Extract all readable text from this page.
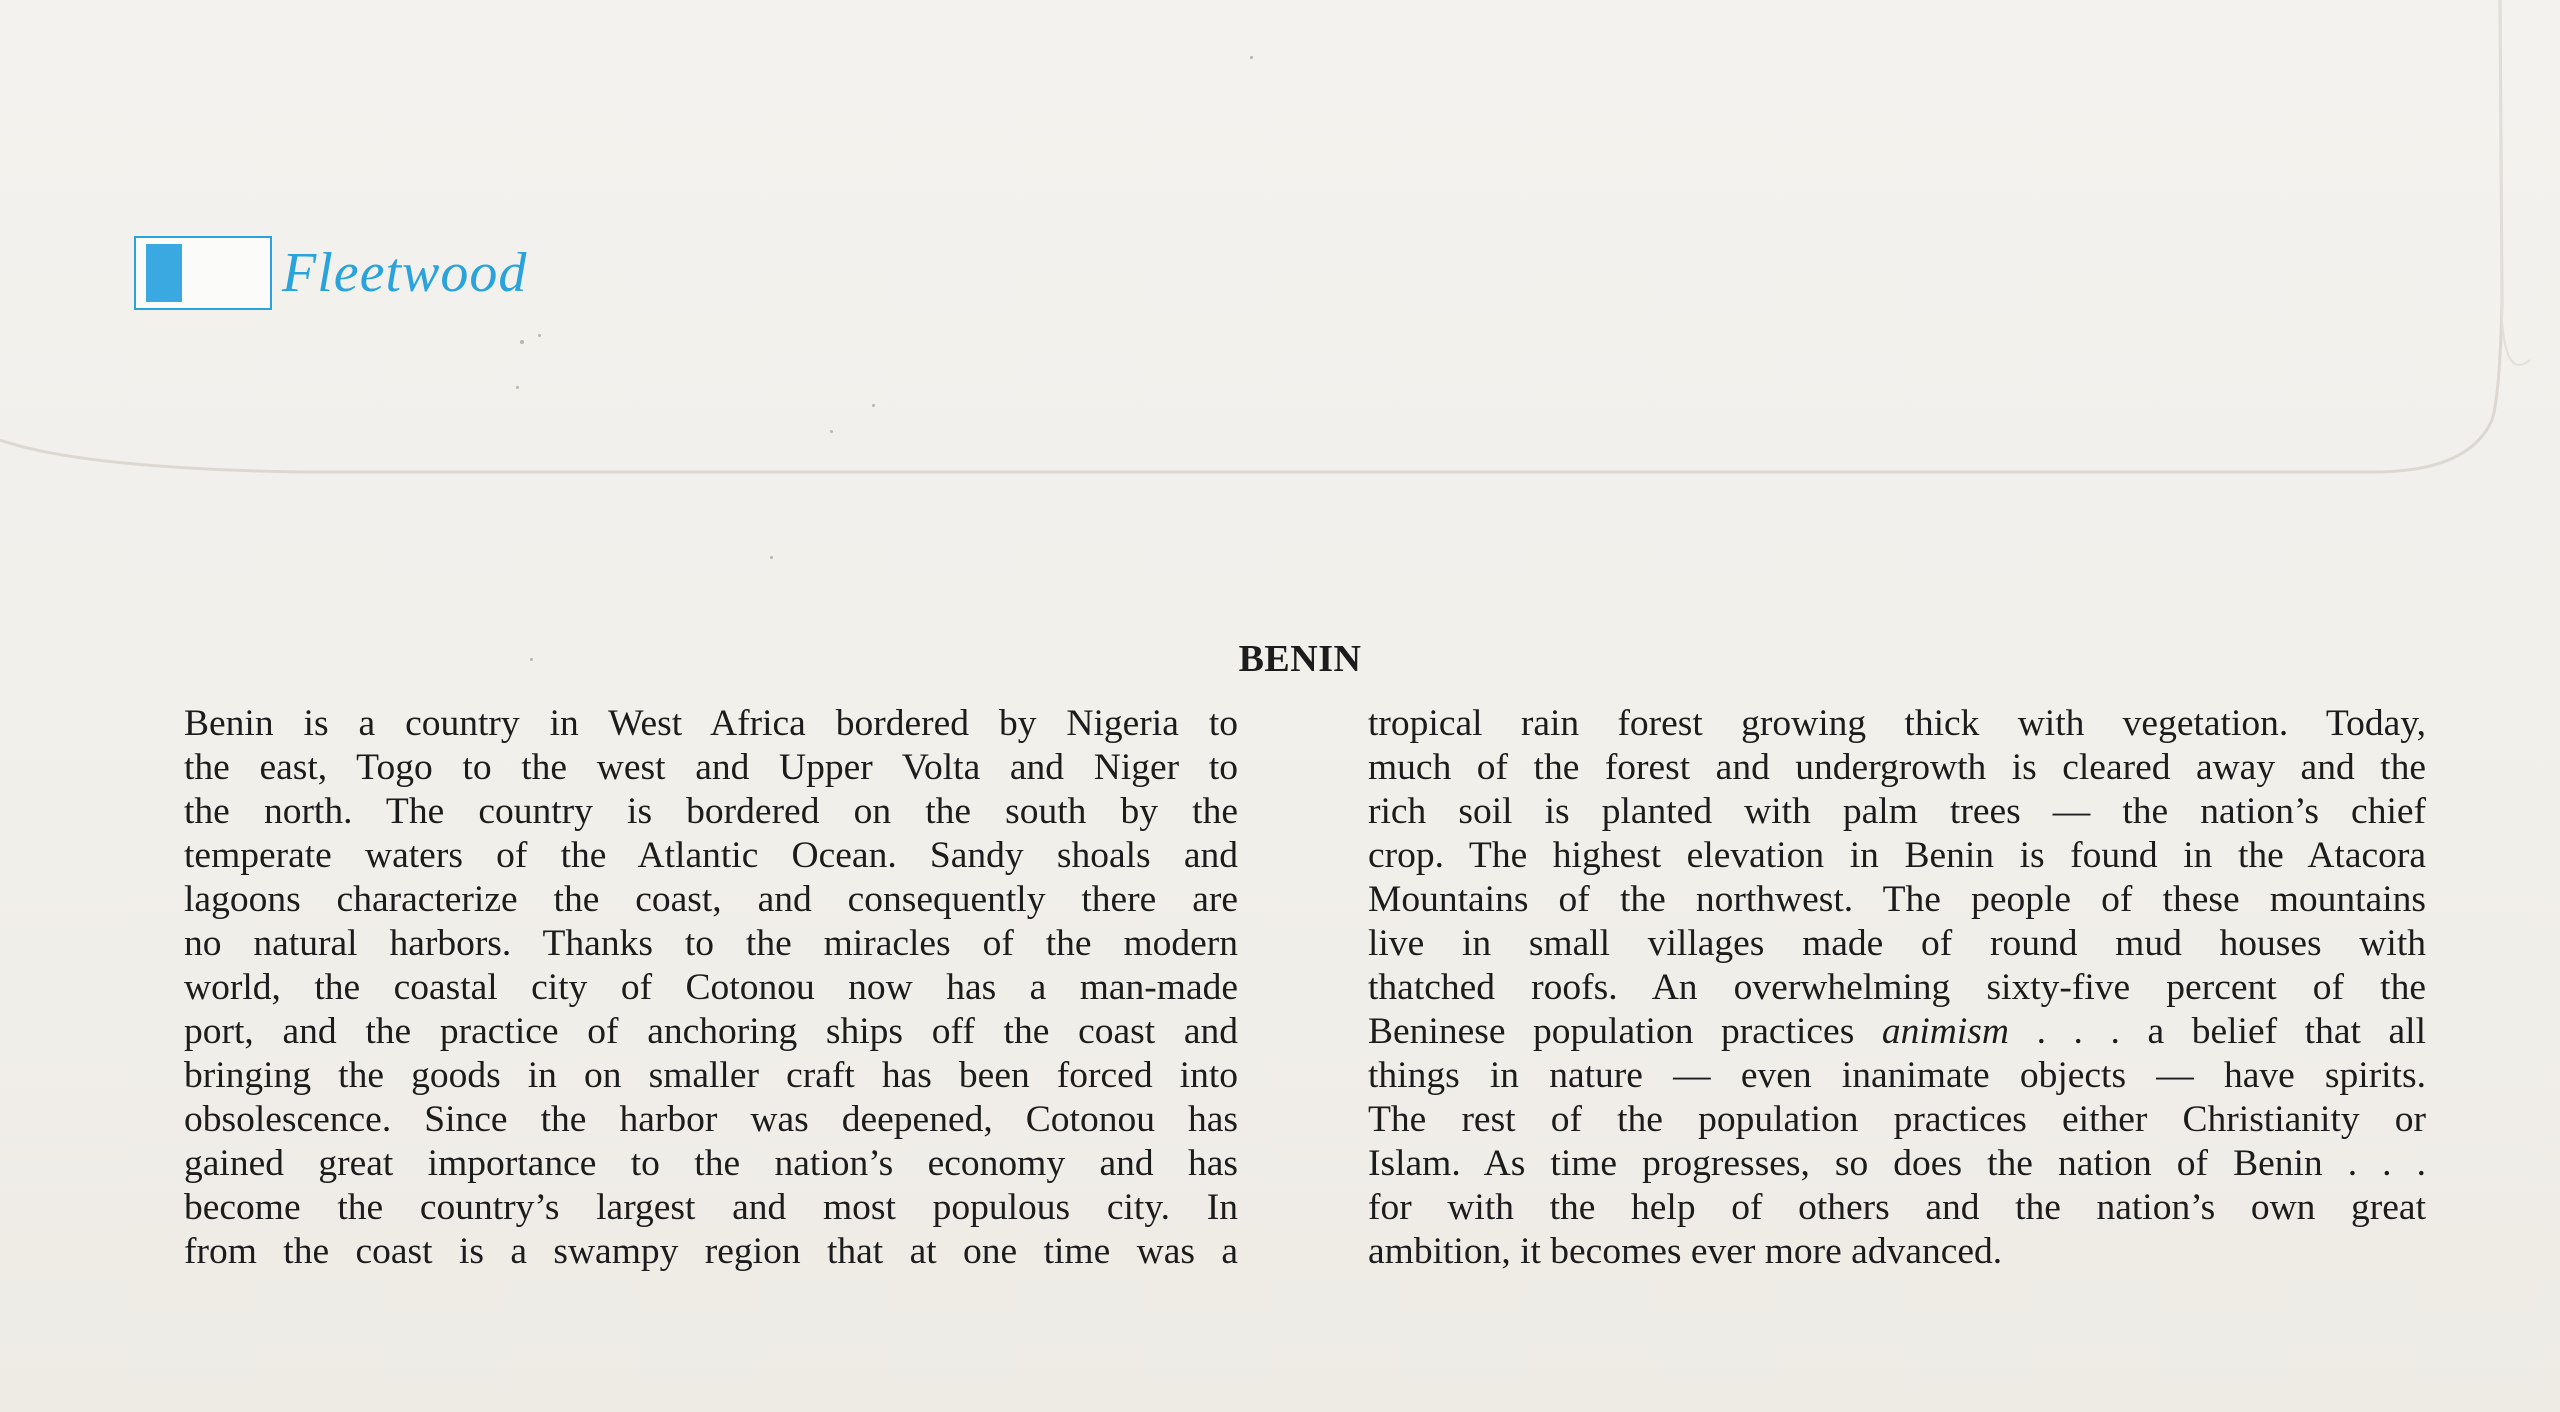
Fleetwood
BENIN
Benin is a country in West Africa bordered by Nigeria to
the east, Togo to the west and Upper Volta and Niger to
the north. The country is bordered on the south by the
temperate waters of the Atlantic Ocean. Sandy shoals and
lagoons characterize the coast, and consequently there are
no natural harbors. Thanks to the miracles of the modern
world, the coastal city of Cotonou now has a man-made
port, and the practice of anchoring ships off the coast and
bringing the goods in on smaller craft has been forced into
obsolescence. Since the harbor was deepened, Cotonou has
gained great importance to the nation’s economy and has
become the country’s largest and most populous city. In
from the coast is a swampy region that at one time was a
tropical rain forest growing thick with vegetation. Today,
much of the forest and undergrowth is cleared away and the
rich soil is planted with palm trees — the nation’s chief
crop. The highest elevation in Benin is found in the Atacora
Mountains of the northwest. The people of these mountains
live in small villages made of round mud houses with
thatched roofs. An overwhelming sixty-five percent of the
Beninese population practices animism . . . a belief that all
things in nature — even inanimate objects — have spirits.
The rest of the population practices either Christianity or
Islam. As time progresses, so does the nation of Benin . . .
for with the help of others and the nation’s own great
ambition, it becomes ever more advanced.
